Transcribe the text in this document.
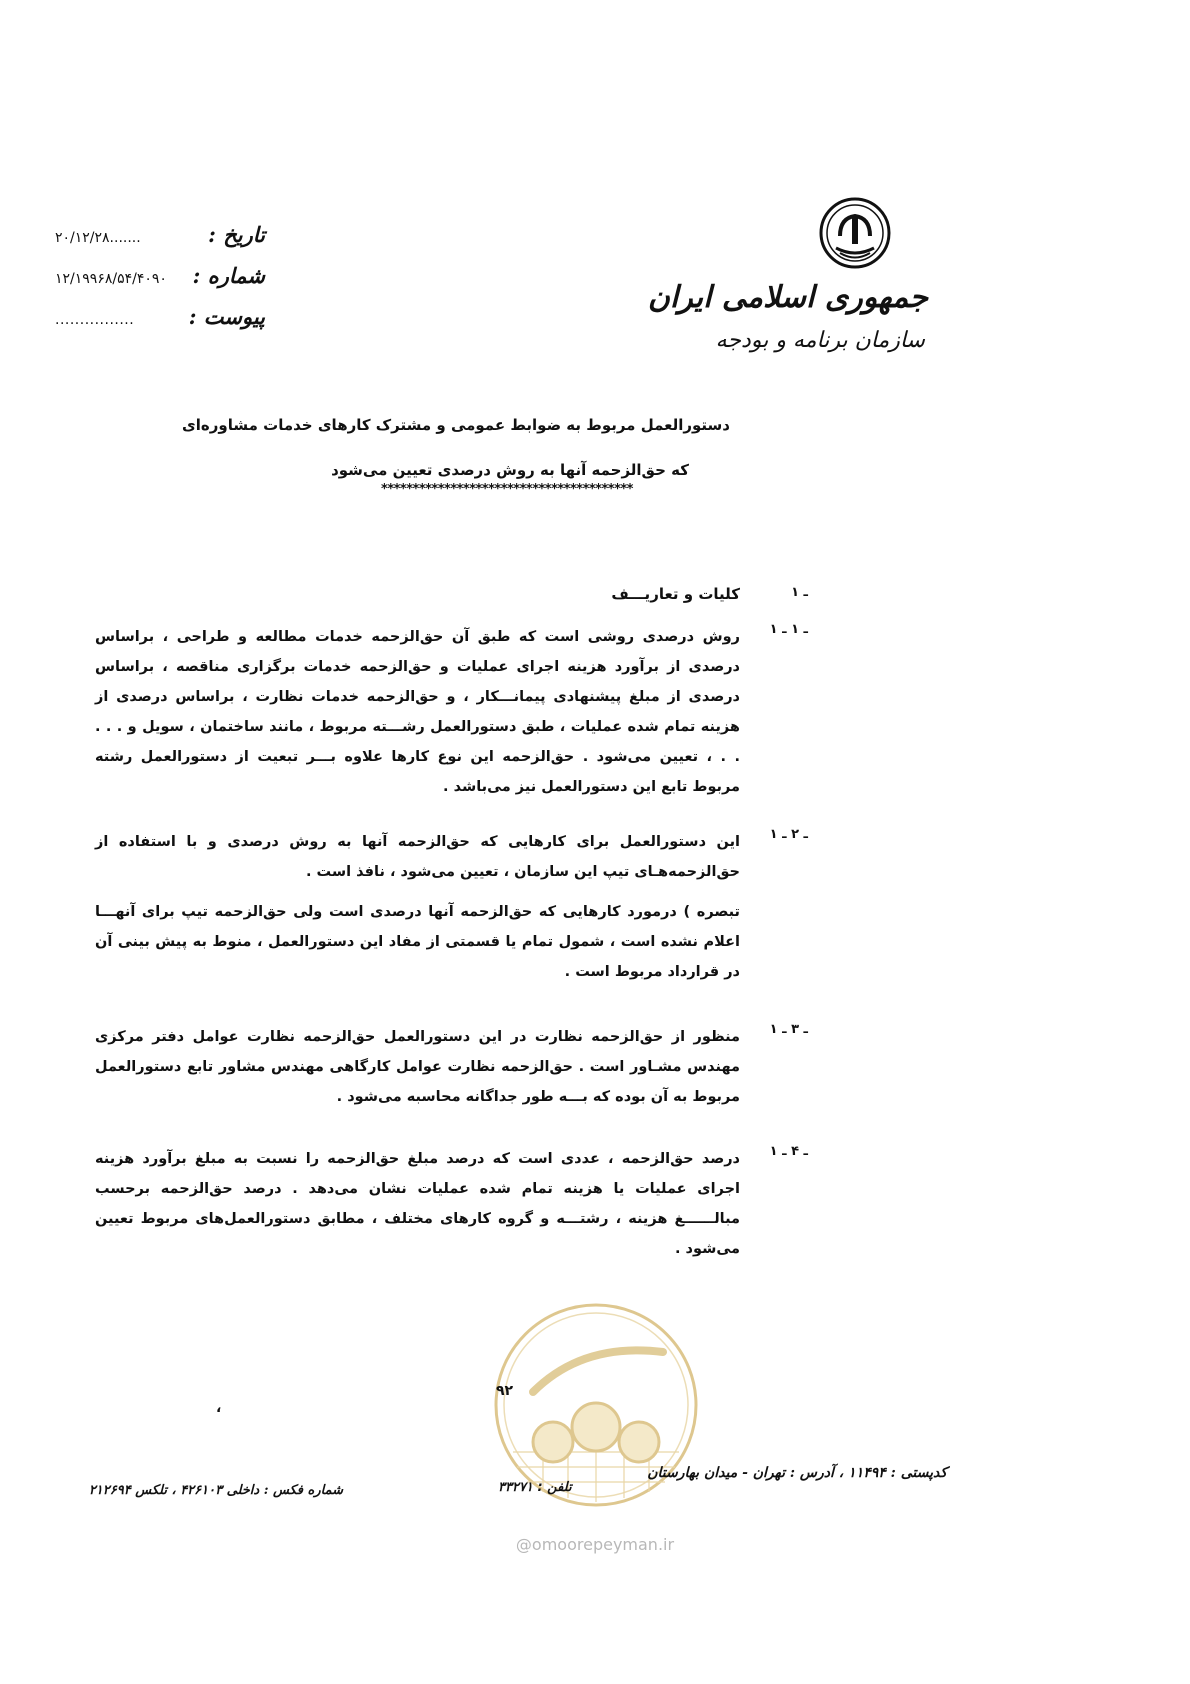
جمهوری اسلامی ایران
سازمان برنامه و بودجه
تاریخ :
۲۰/۱۲/۲۸.......
شماره :
۱۲/۱۹۹۶۸/۵۴/۴۰۹۰
پیوست :
................
دستورالعمل مربوط به ضوابط عمومی و مشترک کارهای خدمات مشاوره‌ای
که حق‌الزحمه آنها به روش درصدی تعیین می‌شود
****************************************
۱ ـ
کلیات و تعاریـــف
۱ ـ ۱ ـ
روش درصدی روشی است که طبق آن حق‌الزحمه خدمات مطالعه و طراحی ، براساس درصدی از برآورد هزینه اجرای عملیات و حق‌الزحمه خدمات برگزاری مناقصه ، براساس درصدی از مبلغ پیشنهادی پیمانـــکار ، و حق‌الزحمه خدمات نظارت ، براساس درصدی از هزینه تمام شده عملیات ، طبق دستورالعمل رشـــته مربوط ، مانند ساختمان ، سویل و . . . . . ، تعیین می‌شود . حق‌الزحمه این نوع کارها علاوه بـــر تبعیت از دستورالعمل رشته مربوط تابع این دستورالعمل نیز می‌باشد .
۱ ـ ۲ ـ
این دستورالعمل برای کارهایی که حق‌الزحمه آنها به روش درصدی و با استفاده از حق‌الزحمه‌هـای تیپ این سازمان ، تعیین می‌شود ، نافذ است .
تبصره ) درمورد کارهایی که حق‌الزحمه آنها درصدی است ولی حق‌الزحمه تیپ برای آنهـــا اعلام نشده است ، شمول تمام یا قسمتی از مفاد این دستورالعمل ، منوط به پیش بینی آن در قرارداد مربوط است .
۱ ـ ۳ ـ
منظور از حق‌الزحمه نظارت در این دستورالعمل حق‌الزحمه نظارت عوامل دفتر مرکزی مهندس مشـاور است . حق‌الزحمه نظارت عوامل کارگاهی مهندس مشاور تابع دستورالعمل مربوط به آن بوده که بـــه طور جداگانه محاسبه می‌شود .
۱ ـ ۴ ـ
درصد حق‌الزحمه ، عددی است که درصد مبلغ حق‌الزحمه را نسبت به مبلغ برآورد هزینه اجرای عملیات یا هزینه تمام شده عملیات نشان می‌دهد . درصد حق‌الزحمه برحسب مبالــــــغ هزینه ، رشتـــه و گروه کارهای مختلف ، مطابق دستورالعمل‌های مربوط تعیین می‌شود .
،
۹۲
تلفن : ۳۳۲۷۱
@omoorepeyman.ir
کدپستی : ۱۱۴۹۴ ، آدرس : تهران - میدان بهارستان
شماره فکس : داخلی ۴۲۶۱۰۳ ، تلکس ۲۱۲۶۹۴
